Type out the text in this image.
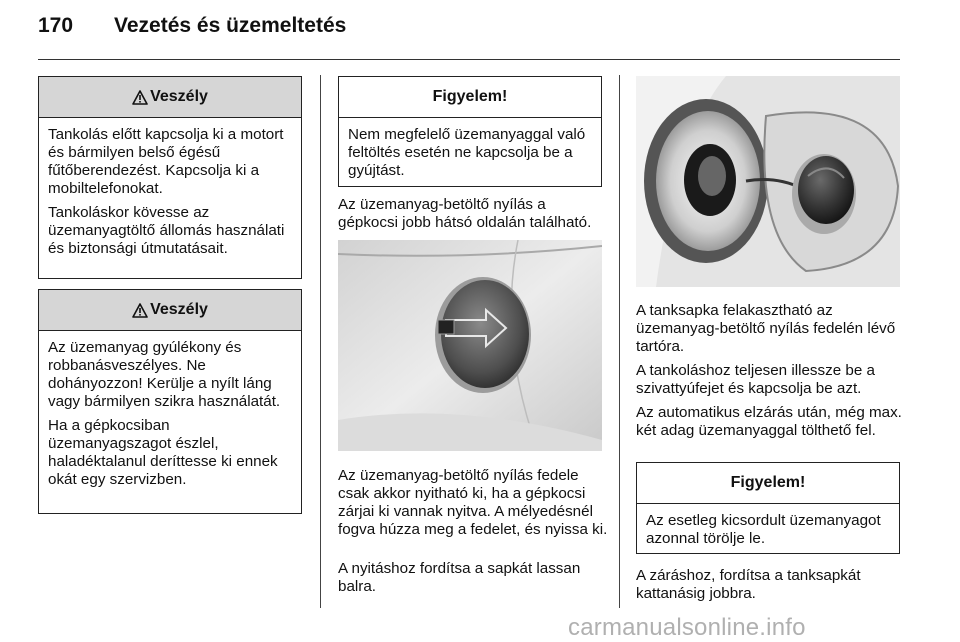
170 Vezetés és üzemeltetés
Veszély

Tankolás előtt kapcsolja ki a motort és bármilyen belső égésű fűtőberendezést. Kapcsolja ki a mobiltelefonokat.

Tankoláskor kövesse az üzemanyagtöltő állomás használati és biztonsági útmutatásait.

Veszély

Az üzemanyag gyúlékony és robbanásveszélyes. Ne dohányozzon! Kerülje a nyílt láng vagy bármilyen szikra használatát.

Ha a gépkocsiban üzemanyagszagot észlel, haladéktalanul deríttesse ki ennek okát egy szervizben.

Figyelem!

Nem megfelelő üzemanyaggal való feltöltés esetén ne kapcsolja be a gyújtást.

Az üzemanyag-betöltő nyílás a gépkocsi jobb hátsó oldalán található.

Az üzemanyag-betöltő nyílás fedele csak akkor nyitható ki, ha a gépkocsi zárjai ki vannak nyitva. A mélyedésnél fogva húzza meg a fedelet, és nyissa ki.

A nyitáshoz fordítsa a sapkát lassan balra.

A tanksapka felakasztható az üzemanyag-betöltő nyílás fedelén lévő tartóra.

A tankoláshoz teljesen illessze be a szivattyúfejet és kapcsolja be azt.

Az automatikus elzárás után, még max. két adag üzemanyaggal tölthető fel.

Figyelem!

Az esetleg kicsordult üzemanyagot azonnal törölje le.

A záráshoz, fordítsa a tanksapkát kattanásig jobbra.

carmanualsonline.info
